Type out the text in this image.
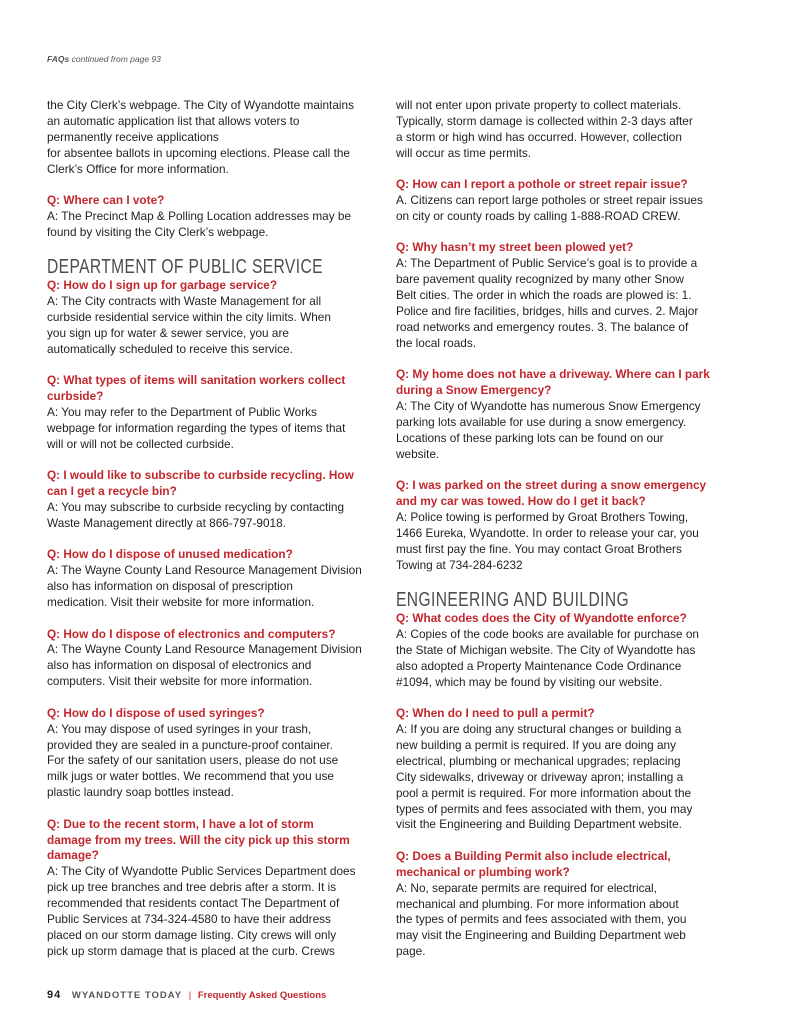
FAQs continued from page 93

the City Clerk’s webpage. The City of Wyandotte maintains

an automatic application list that allows voters to

permanently receive applications

for absentee ballots in upcoming elections. Please call the

Clerk’s Office for more information.

Q: Where can I vote?

A: The Precinct Map & Polling Location addresses may be

found by visiting the City Clerk’s webpage.

DEPARTMENT OF PUBLIC SERVICE

Q: How do I sign up for garbage service?

A: The City contracts with Waste Management for all

curbside residential service within the city limits. When

you sign up for water & sewer service, you are

automatically scheduled to receive this service.

Q: What types of items will sanitation workers collect

curbside?

A: You may refer to the Department of Public Works

webpage for information regarding the types of items that

will or will not be collected curbside.

Q: I would like to subscribe to curbside recycling. How

can I get a recycle bin?

A: You may subscribe to curbside recycling by contacting

Waste Management directly at 866-797-9018.

Q: How do I dispose of unused medication?

A: The Wayne County Land Resource Management Division

also has information on disposal of prescription

medication. Visit their website for more information.

Q: How do I dispose of electronics and computers?

A: The Wayne County Land Resource Management Division

also has information on disposal of electronics and

computers. Visit their website for more information.

Q: How do I dispose of used syringes?

A: You may dispose of used syringes in your trash,

provided they are sealed in a puncture-proof container.

For the safety of our sanitation users, please do not use

milk jugs or water bottles. We recommend that you use

plastic laundry soap bottles instead.

Q: Due to the recent storm, I have a lot of storm

damage from my trees. Will the city pick up this storm

damage?

A: The City of Wyandotte Public Services Department does

pick up tree branches and tree debris after a storm. It is

recommended that residents contact The Department of

Public Services at 734-324-4580 to have their address

placed on our storm damage listing. City crews will only

pick up storm damage that is placed at the curb. Crews

will not enter upon private property to collect materials.

Typically, storm damage is collected within 2-3 days after

a storm or high wind has occurred. However, collection

will occur as time permits.

Q: How can I report a pothole or street repair issue?

A. Citizens can report large potholes or street repair issues

on city or county roads by calling 1-888-ROAD CREW.

Q: Why hasn’t my street been plowed yet?

A: The Department of Public Service’s goal is to provide a

bare pavement quality recognized by many other Snow

Belt cities. The order in which the roads are plowed is: 1.

Police and fire facilities, bridges, hills and curves. 2. Major

road networks and emergency routes. 3. The balance of

the local roads.

Q: My home does not have a driveway. Where can I park

during a Snow Emergency?

A: The City of Wyandotte has numerous Snow Emergency

parking lots available for use during a snow emergency.

Locations of these parking lots can be found on our

website.

Q: I was parked on the street during a snow emergency

and my car was towed. How do I get it back?

A: Police towing is performed by Groat Brothers Towing,

1466 Eureka, Wyandotte. In order to release your car, you

must first pay the fine. You may contact Groat Brothers

Towing at 734-284-6232

ENGINEERING AND BUILDING

Q: What codes does the City of Wyandotte enforce?

A: Copies of the code books are available for purchase on

the State of Michigan website. The City of Wyandotte has

also adopted a Property Maintenance Code Ordinance

#1094, which may be found by visiting our website.

Q: When do I need to pull a permit?

A: If you are doing any structural changes or building a

new building a permit is required. If you are doing any

electrical, plumbing or mechanical upgrades; replacing

City sidewalks, driveway or driveway apron; installing a

pool a permit is required. For more information about the

types of permits and fees associated with them, you may

visit the Engineering and Building Department website.

Q: Does a Building Permit also include electrical,

mechanical or plumbing work?

A: No, separate permits are required for electrical,

mechanical and plumbing. For more information about

the types of permits and fees associated with them, you

may visit the Engineering and Building Department web

page.

94 WYANDOTTE TODAY | Frequently Asked Questions
